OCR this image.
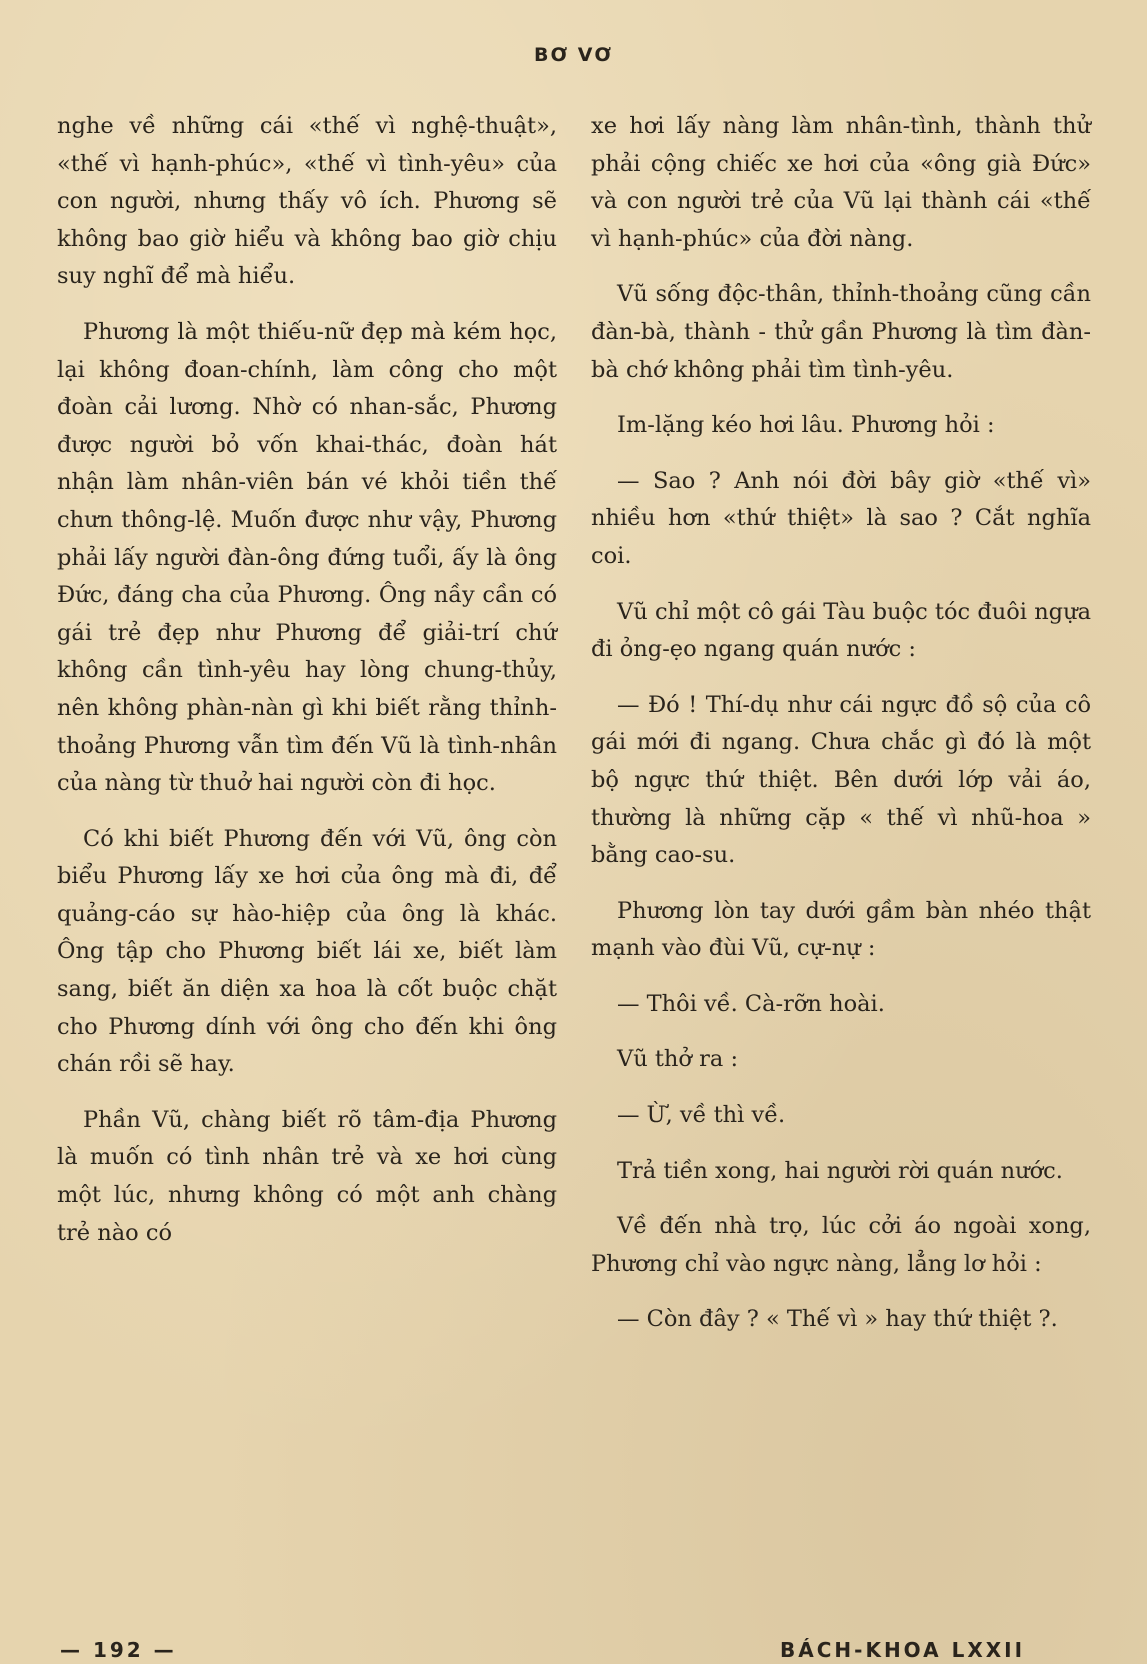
BƠ VƠ

nghe về những cái «thế vì nghệ-thuật», «thế vì hạnh-phúc», «thế vì tình-yêu» của con người, nhưng thấy vô ích. Phương sẽ không bao giờ hiểu và không bao giờ chịu suy nghĩ để mà hiểu.

Phương là một thiếu-nữ đẹp mà kém học, lại không đoan-chính, làm công cho một đoàn cải lương. Nhờ có nhan-sắc, Phương được người bỏ vốn khai-thác, đoàn hát nhận làm nhân-viên bán vé khỏi tiền thế chưn thông-lệ. Muốn được như vậy, Phương phải lấy người đàn-ông đứng tuổi, ấy là ông Đức, đáng cha của Phương. Ông nầy cần có gái trẻ đẹp như Phương để giải-trí chứ không cần tình-yêu hay lòng chung-thủy, nên không phàn-nàn gì khi biết rằng thỉnh-thoảng Phương vẫn tìm đến Vũ là tình-nhân của nàng từ thuở hai người còn đi học.

Có khi biết Phương đến với Vũ, ông còn biểu Phương lấy xe hơi của ông mà đi, để quảng-cáo sự hào-hiệp của ông là khác. Ông tập cho Phương biết lái xe, biết làm sang, biết ăn diện xa hoa là cốt buộc chặt cho Phương dính với ông cho đến khi ông chán rồi sẽ hay.

Phần Vũ, chàng biết rõ tâm-địa Phương là muốn có tình nhân trẻ và xe hơi cùng một lúc, nhưng không có một anh chàng trẻ nào có

xe hơi lấy nàng làm nhân-tình, thành thử phải cộng chiếc xe hơi của «ông già Đức» và con người trẻ của Vũ lại thành cái «thế vì hạnh-phúc» của đời nàng.

Vũ sống độc-thân, thỉnh-thoảng cũng cần đàn-bà, thành - thử gần Phương là tìm đàn-bà chớ không phải tìm tình-yêu.

Im-lặng kéo hơi lâu. Phương hỏi :

— Sao ? Anh nói đời bây giờ «thế vì» nhiều hơn «thứ thiệt» là sao ? Cắt nghĩa coi.

Vũ chỉ một cô gái Tàu buộc tóc đuôi ngựa đi ỏng-ẹo ngang quán nước :

— Đó ! Thí-dụ như cái ngực đồ sộ của cô gái mới đi ngang. Chưa chắc gì đó là một bộ ngực thứ thiệt. Bên dưới lớp vải áo, thường là những cặp « thế vì nhũ-hoa » bằng cao-su.

Phương lòn tay dưới gầm bàn nhéo thật mạnh vào đùi Vũ, cự-nự :

— Thôi về. Cà-rỡn hoài.

Vũ thở ra :

— Ừ, về thì về.

Trả tiền xong, hai người rời quán nước.

Về đến nhà trọ, lúc cởi áo ngoài xong, Phương chỉ vào ngực nàng, lẳng lơ hỏi :

— Còn đây ? « Thế vì » hay thứ thiệt ?.

— 192 —	BÁCH-KHOA LXXII
